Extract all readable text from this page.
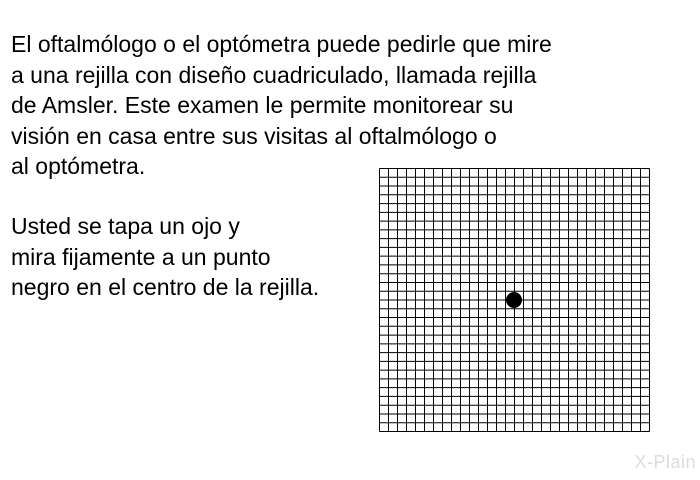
El oftalmólogo o el optómetra puede pedirle que mire
a una rejilla con diseño cuadriculado, llamada rejilla
de Amsler. Este examen le permite monitorear su
visión en casa entre sus visitas al oftalmólogo o
al optómetra.

Usted se tapa un ojo y
mira fijamente a un punto
negro en el centro de la rejilla.

X-Plain
